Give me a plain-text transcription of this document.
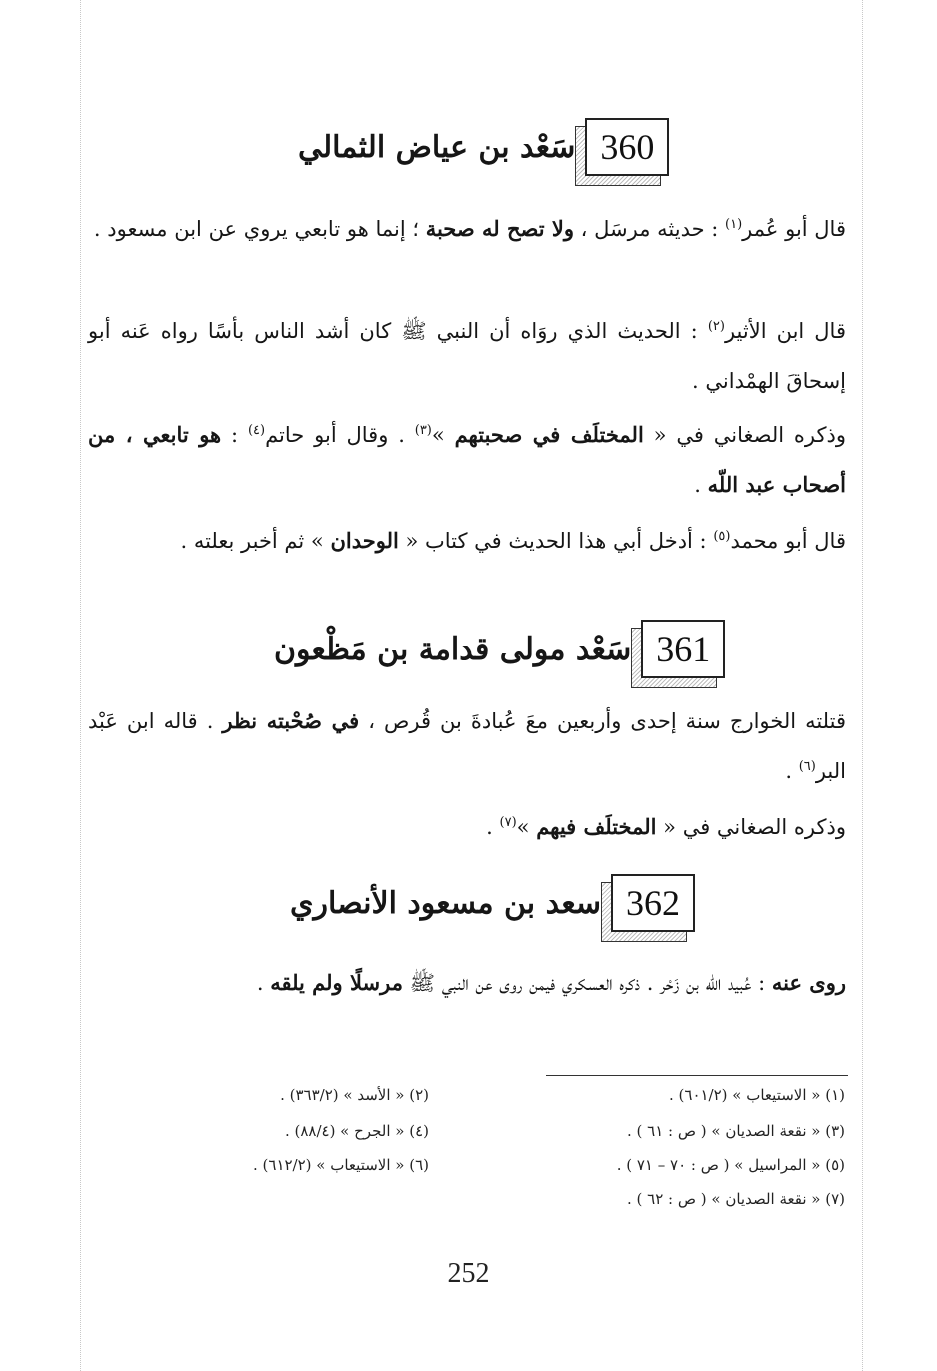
360
سَعْد بن عياض الثمالي
قال أبو عُمر$^{(١)}$ : حديثه مرسَل ، ولا تصح له صحبة ؛ إنما هو تابعي يروي عن ابن مسعود .
قال ابن الأثير$^{(٢)}$ : الحديث الذي روَاه أن النبي ﷺ كان أشد الناس بأسًا رواه عَنه أبو إسحاقَ الهمْداني .
وذكره الصغاني في « المختلَف في صحبتهم »$^{(٣)}$ . وقال أبو حاتم$^{(٤)}$ : هو تابعي ، من أصحاب عبد اللّه .
قال أبو محمد$^{(٥)}$ : أدخل أبي هذا الحديث في كتاب « الوحدان » ثم أخبر بعلته .
361
سَعْد مولى قدامة بن مَظْعون
قتلته الخوارج سنة إحدى وأربعين معَ عُبادةَ بن قُرص ، في صُحْبته نظر . قاله ابن عَبْد البر$^{(٦)}$ .
وذكره الصغاني في « المختلَف فيهم »$^{(٧)}$ .
362
سعد بن مسعود الأنصاري
روى عنه : عُبيد اللّه بن زَحْر . ذكره العسكري فيمن روى عن النبي ﷺ مرسلًا ولم يلقه .
(١) « الاستيعاب » (٦٠١/٢) .
(٢) « الأسد » (٣٦٣/٢) .
(٣) « نقعة الصديان » ( ص : ٦١ ) .
(٤) « الجرح » (٨٨/٤) .
(٥) « المراسيل » ( ص : ٧٠ – ٧١ ) .
(٦) « الاستيعاب » (٦١٢/٢) .
(٧) « نقعة الصديان » ( ص : ٦٢ ) .
252
